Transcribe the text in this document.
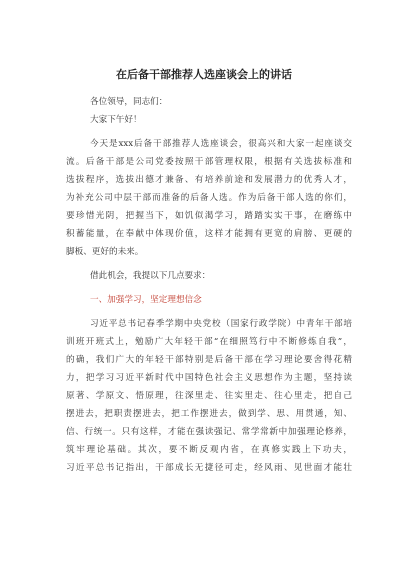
在后备干部推荐人选座谈会上的讲话

各位领导，同志们：

大家下午好！

今天是xxx后备干部推荐人选座谈会，很高兴和大家一起座谈交

流。后备干部是公司党委按照干部管理权限，根据有关选拔标准和

选拔程序，选拔出德才兼备、有培养前途和发展潜力的优秀人才，

为补充公司中层干部而准备的后备人选。作为后备干部人选的你们，

要珍惜光阴，把握当下，如饥似渴学习，踏踏实实干事，在磨练中

积蓄能量，在奉献中体现价值，这样才能拥有更宽的肩膀、更硬的

脚板、更好的未来。

借此机会，我提以下几点要求：

一、加强学习，坚定理想信念

习近平总书记春季学期中央党校（国家行政学院）中青年干部培

训班开班式上，勉励广大年轻干部“在细照笃行中不断修炼自我”，

的确，我们广大的年轻干部特别是后备干部在学习理论要舍得花精

力，把学习习近平新时代中国特色社会主义思想作为主题，坚持读

原著、学原文、悟原理，往深里走、往实里走、往心里走，把自己

摆进去，把职责摆进去，把工作摆进去，做到学、思、用贯通，知、

信、行统一。只有这样，才能在强读强记、常学常新中加强理论修养，

筑牢理论基础。其次，要不断反观内省，在真修实践上下功夫，

习近平总书记指出，干部成长无捷径可走，经风雨、见世面才能壮
